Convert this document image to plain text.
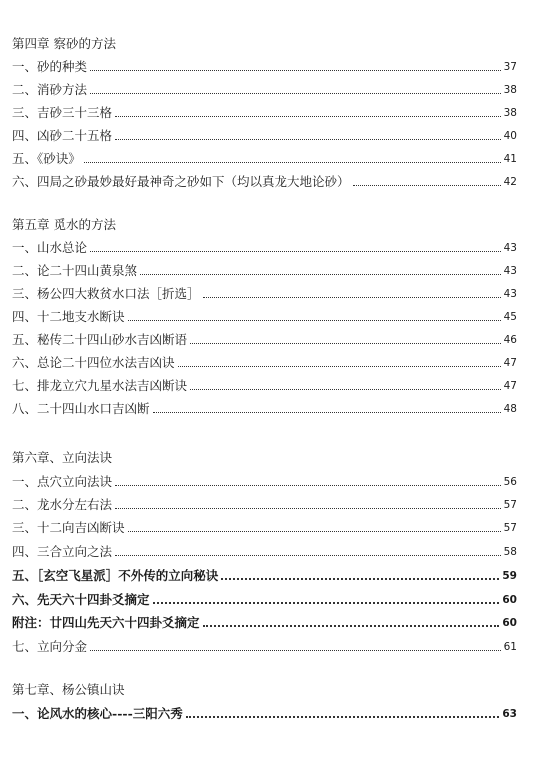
第四章 察砂的方法
一、砂的种类	37
二、消砂方法	38
三、吉砂三十三格	38
四、凶砂二十五格	40
五、《砂诀》	41
六、四局之砂最妙最好最神奇之砂如下（均以真龙大地论砂）	42
第五章 觅水的方法
一、山水总论	43
二、论二十四山黄泉煞	43
三、杨公四大救贫水口法［折选］	43
四、十二地支水断诀	45
五、秘传二十四山砂水吉凶断语	46
六、总论二十四位水法吉凶诀	47
七、排龙立穴九星水法吉凶断诀	47
八、二十四山水口吉凶断	48
第六章、立向法诀
一、点穴立向法诀	56
二、龙水分左右法	57
三、十二向吉凶断诀	57
四、三合立向之法	58
五、［玄空飞星派］不外传的立向秘诀	59
六、先天六十四卦爻摘定	60
附注：廿四山先天六十四卦爻摘定	60
七、立向分金	61
第七章、杨公镇山诀
一、论风水的核心----三阳六秀	63
